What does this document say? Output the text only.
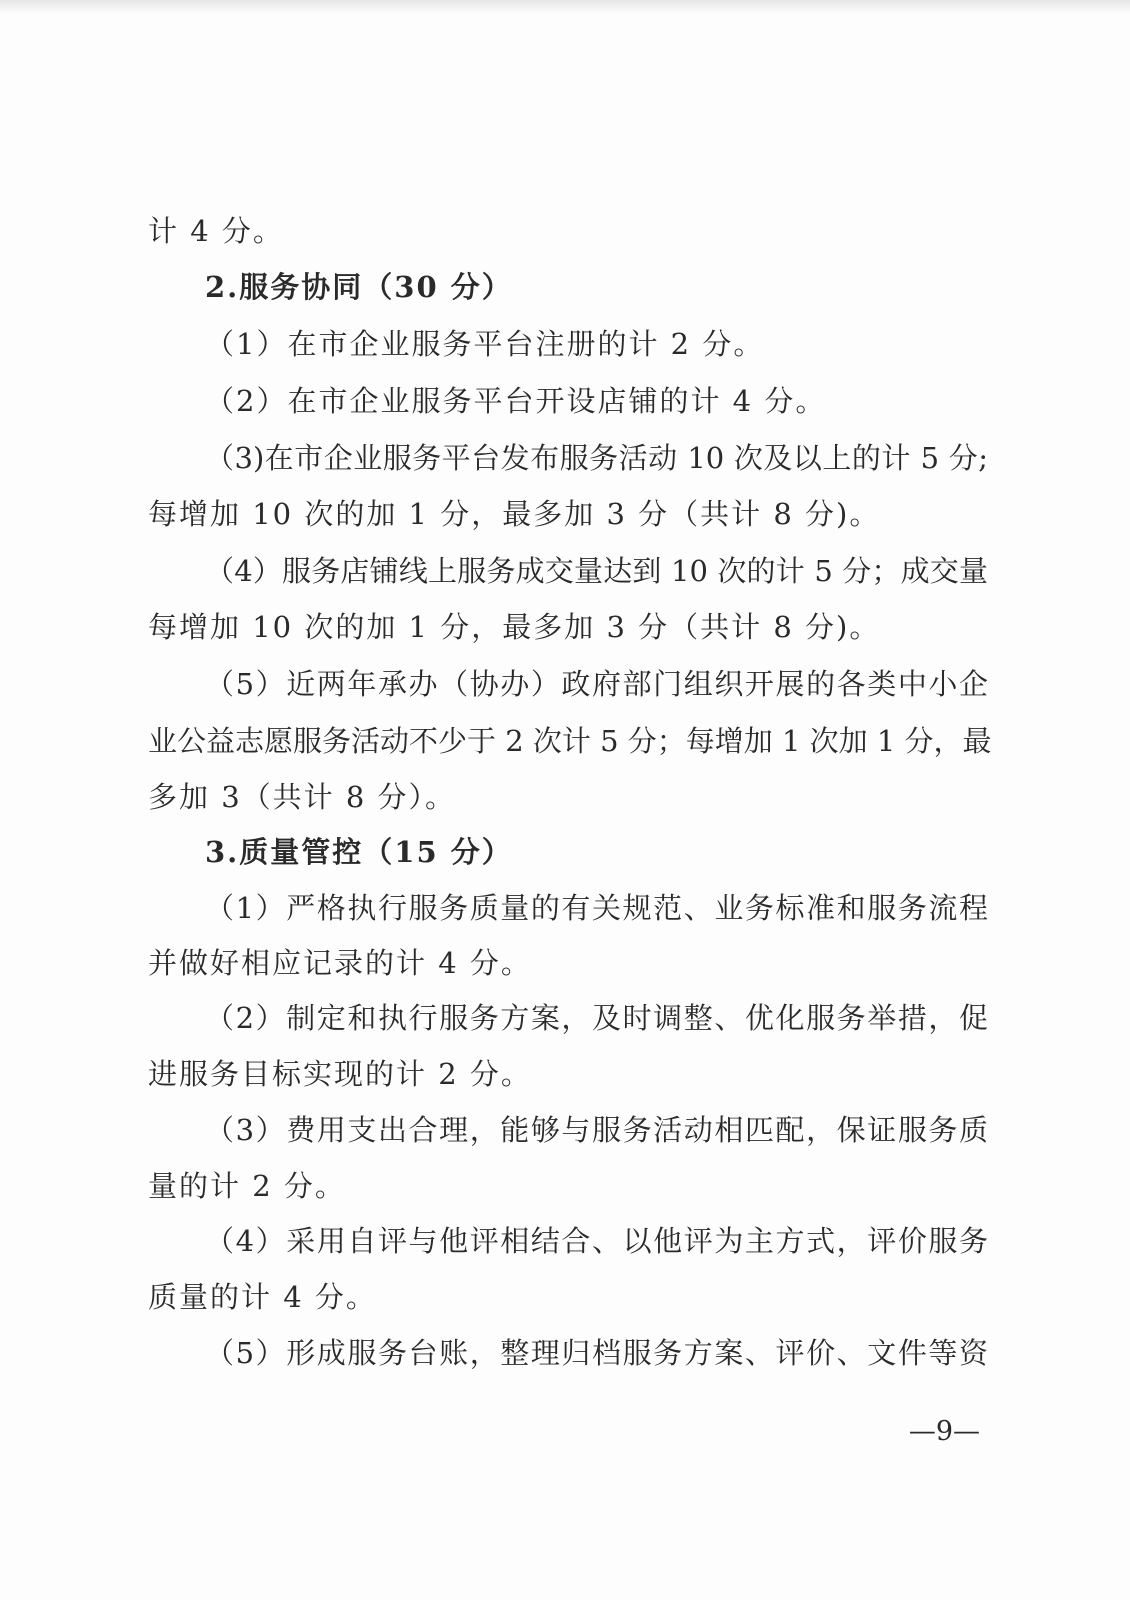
计 4 分。
2.服务协同（30 分）
（1）在市企业服务平台注册的计 2 分。
（2）在市企业服务平台开设店铺的计 4 分。
（3)在市企业服务平台发布服务活动 10 次及以上的计 5 分;
每增加 10 次的加 1 分，最多加 3 分（共计 8 分)。
（4）服务店铺线上服务成交量达到 10 次的计 5 分；成交量
每增加 10 次的加 1 分，最多加 3 分（共计 8 分)。
（5）近两年承办（协办）政府部门组织开展的各类中小企
业公益志愿服务活动不少于 2 次计 5 分；每增加 1 次加 1 分，最
多加 3（共计 8 分）。
3.质量管控（15 分）
（1）严格执行服务质量的有关规范、业务标准和服务流程
并做好相应记录的计 4 分。
（2）制定和执行服务方案，及时调整、优化服务举措，促
进服务目标实现的计 2 分。
（3）费用支出合理，能够与服务活动相匹配，保证服务质
量的计 2 分。
（4）采用自评与他评相结合、以他评为主方式，评价服务
质量的计 4 分。
（5）形成服务台账，整理归档服务方案、评价、文件等资
—9—
